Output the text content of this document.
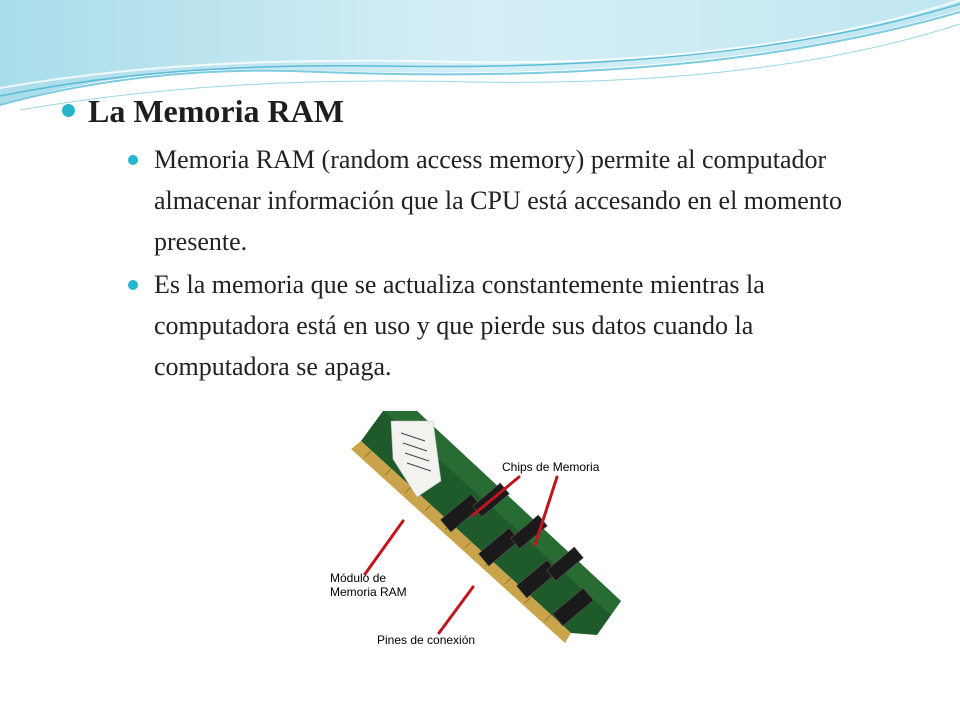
La Memoria RAM
Memoria RAM (random access memory) permite al computador almacenar información que la CPU está accesando en el momento presente.
Es la memoria que se actualiza constantemente mientras la computadora está en uso y que pierde sus datos cuando la computadora se apaga.
Chips de Memoria
Módulo de
Memoria RAM
Pines de conexión
